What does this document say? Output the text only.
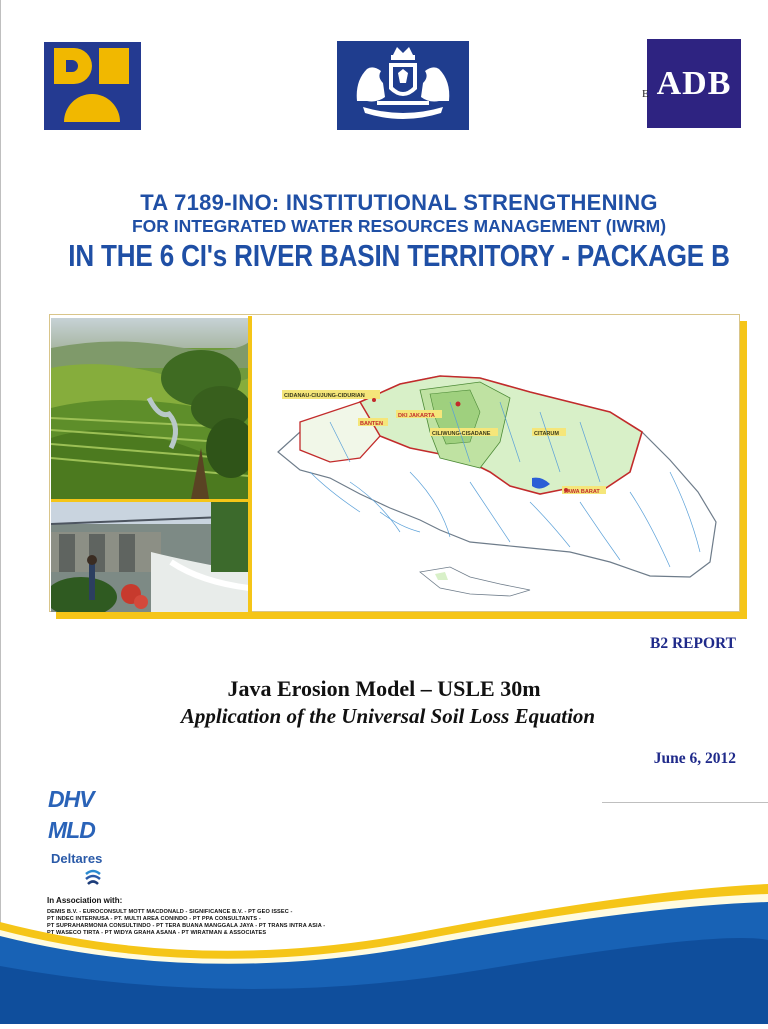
ADB
E
TA 7189-INO: INSTITUTIONAL STRENGTHENING
FOR INTEGRATED WATER RESOURCES MANAGEMENT (IWRM)
IN THE 6 CI's RIVER BASIN TERRITORY - PACKAGE B
CIDANAU-CIUJUNG-CIDURIAN
DKI JAKARTA
BANTEN
CILIWUNG-CISADANE	CITARUM
JAWA BARAT
B2 REPORT
Java Erosion Model – USLE 30m
Application of the Universal Soil Loss Equation
June 6, 2012
DHV
MLD
Deltares
In Association with:
DEMIS B.V. - EUROCONSULT MOTT MACDONALD - SIGNIFICANCE B.V. - PT GEO ISSEC -
PT INDEC INTERNUSA - PT. MULTI AREA CONINDO - PT PPA CONSULTANTS -
PT SUPRAHARMONIA CONSULTINDO - PT TERA BUANA MANGGALA JAYA - PT TRANS INTRA ASIA -
PT WASECO TIRTA - PT WIDYA GRAHA ASANA - PT WIRATMAN & ASSOCIATES
